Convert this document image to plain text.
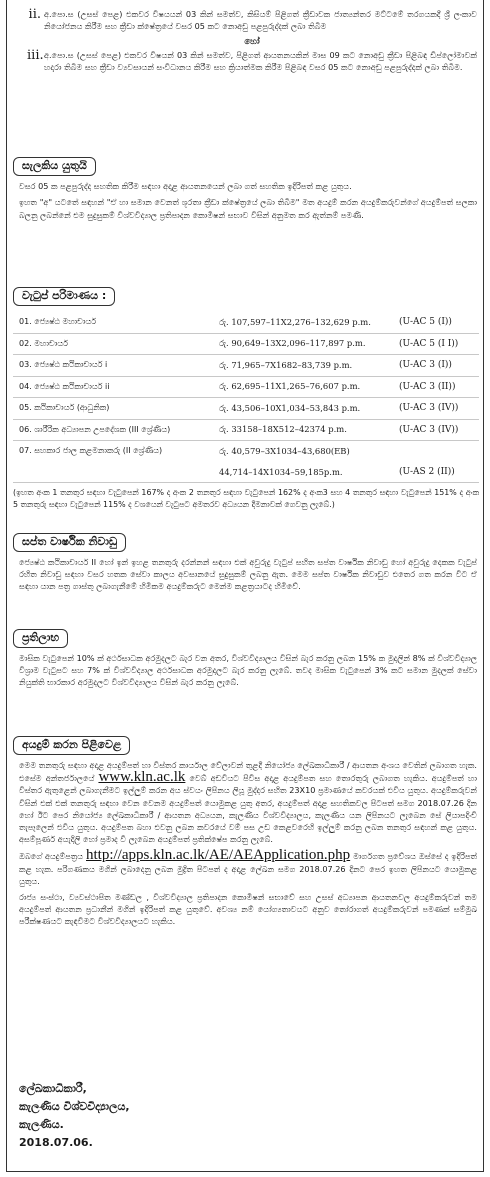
ii. අ.පො.ස (උසස් පෙළ) එකවර විෂයයන් 03 කින් සමත්ව, කිසියම් පිළිගත් ක්‍රීඩාවක ජාත්‍යන්තර මට්ටමේ තරගයකදී ශ්‍රී ලංකාව නියෝජනය කිරීම සහ ක්‍රීඩා ක්ෂේත්‍රයේ වසර 05 කට නොඅඩු පළපුරුද්දක් ලබා තිබීම

හෝ
iii. අ.පො.ස (උසස් පෙළ) එකවර විෂයන් 03 කින් සමත්ව, පිළිගත් ආයතනයකින් මාස 09 කට නොඅඩු ක්‍රීඩා පිළිබඳ ඩිප්ලෝමාවක් හදාරා තිබීම සහ ක්‍රීඩා ව්‍යවසායන් සංවිධානය කිරීම සහ ක්‍රියාත්මක කිරීම පිළිබඳ වසර 05 කට නොඅඩු පළපුරුද්දක් ලබා තිබීම.

සැලකිය යුතුයි

වසර 05 ක පළපුරුද්ද සහතික කිරීම සඳහා අදාළ ආයතනයෙන් ලබා ගත් සහතික ඉදිරිපත් කළ යුතුය.

ඉහත "අ" යටතේ සඳහන් "ඒ හා සමාන වෙනත් ශූරතා ක්‍රීඩා ක්ෂේත්‍රයේ ලබා තිබීම" මත අයදුම් කරන අයදුම්කරුවන්ගේ අයදුම්පත් සලකා බලනු ලබන්නේ එම සුදුසුකම් විශ්වවිද්‍යාල ප්‍රතිපාදන කොමිෂන් සභාව විසින් අනුමත කර ඇත්නම් පමණි.

වැටුප් පරිමාණය :
01. ජ්‍යෙෂ්ඨ මහාචාර්ය	රු. 107,597–11X2,276–132,629 p.m.	(U-AC 5 (I))
02. මහාචාර්ය	රු. 90,649–13X2,096–117,897 p.m.	(U-AC 5 (I I))
03. ජ්‍යෙෂ්ඨ කථිකාචාර්ය i	රු. 71,965–7X1682–83,739 p.m.	(U-AC 3 (I))
04. ජ්‍යෙෂ්ඨ කථිකාචාර්ය ii	රු. 62,695–11X1,265–76,607 p.m.	(U-AC 3 (II))
05. කථිකාචාර්ය (ආධුනික)	රු. 43,506–10X1,034–53,843 p.m.	(U-AC 3 (IV))
06. ශාරීරික අධ්‍යාපන උපදේශක (III ශ්‍රේණිය)	රු. 33158–18X512–42374 p.m.	(U-AC 3 (IV))
07. සහකාර ජාල කළමනාකරු (II ශ්‍රේණිය)	රු. 40,579–3X1034–43,680(EB)	
	44,714–14X1034–59,185p.m.	(U-AS 2 (II))

(ඉහත අංක 1 තනතුර සඳහා වැටුපෙන් 167% ද අංක 2 තනතුර සඳහා වැටුපෙන් 162% ද අංක3 සහ 4 තනතුර සඳහා වැටුපෙන් 151% ද අංක 5 තනතුරු සඳහා වැටුපෙන් 115% ද වශයෙන් වැටුපට අමතරව අධ්‍යයන දීමනාවක් ගෙවනු ලැබේ.)

සප්ත වාර්ෂික නිවාඩු

ජ්‍යෙෂ්ඨ කථිකාචාර්ය II හෝ ඉන් ඉහළ තනතුරු දරන්නන් සඳහා එක් අවුරුදු වැටුප් සහිත සප්ත වාර්ෂික නිවාඩු හෝ අවුරුදු දෙකක වැටුප් රහිත නිවාඩු සඳහා වසර හතක සේවා කාලය අවසානයේ සුදුසුකම් ලබනු ඇත. මෙම සප්ත වාර්ෂික නිවාඩුව එතෙර ගත කරන විට ඒ සඳහා යාන පත්‍ර ගාස්තු ලබාගැනීමේ හිමිකම අයදුම්කරුට මෙන්ම කළත්‍රයාටද හිමිවේ.

ප්‍රතිලාභ

මාසික වැටුපෙන් 10% ක් අර්ථසාධක අරමුදලට බැර වන අතර, විශ්වවිද්‍යාලය විසින් බැර කරනු ලබන 15% ක මුදලින් 8% ක් විශ්වවිද්‍යාල විශ්‍රාම වැටුපට සහ 7% ක් විශ්වවිද්‍යාල අර්ථසාධක අරමුදලට බැර කරනු ලැබේ. තවද මාසික වැටුපෙන් 3% කට සමාන මුදලක් සේවා නියුක්ති භාරකාර අරමුදලට විශ්වවිද්‍යාලය විසින් බැර කරනු ලැබේ.

අයදුම් කරන පිළිවෙළ

මෙම තනතුරු සඳහා අදාළ අයදුම්පත් හා විස්තර කාර්යාල වේලාවන් තුළදී නියෝජ්‍ය ලේඛකාධිකාරී / ආයතන අංශය වෙතින් ලබාගත හැක. එසේම අන්තර්ජාලයේ www.kln.ac.lk වෙබ් අඩවියට පිවිස අදාළ අයදුම්පත සහ තොරතුරු ලබාගත හැකිය. අයදුම්පත් හා විස්තර ඇතුළෙන් ලබාගැනීමට ඉල්ලුම් කරන අය ස්වයං ලිපිනය ලියූ මුද්දර සහිත 23X10 ප්‍රමාණයේ කවරයක් එවිය යුතුය. අයදුම්කරුවන් විසින් එක් එක් තනතුරු සඳහා වෙන වෙනම අයදුම්පත් යොමුකළ යුතු අතර, අයදුම්පත් අදාළ සහතිකවල පිටපත් සමග 2018.07.26 දින හෝ ඊට පෙර නියෝජ්‍ය ලේඛකාධිකාරී / ආයතන අධ්‍යයන, කැලණිය විශ්වවිද්‍යාලය, කැලණිය යන ලිපිනයට ලැබෙන සේ ලියාපදිංචි තැපෑලෙන් එවිය යුතුය. අයදුම්පත බහා එවනු ලබන කවරයේ වම් පස උඩ කෙළවරෙහි ඉල්ලුම් කරනු ලබන තනතුර සඳහන් කළ යුතුය. අසම්පූර්ණ අයැදිලි හෝ ප්‍රමාද වී ලැබෙන අයදුම්පත් ප්‍රතික්ෂේප කරනු ලැබේ.

ඔබගේ අයදුම්පත්‍රය http://apps.kln.ac.lk/AE/AEApplication.php මාර්ගගත ප්‍රවේශය ඔස්සේ ද ඉදිරිපත් කළ හැක. පරිගණකය මගින් ලබාදෙනු ලබන මුද්‍රිත පිටපත් ද අදාළ ලේඛන සමග 2018.07.26 දිනට පෙර ඉහත ලිපිනයට යොමුකළ යුතුය.

රාජ්‍ය සංස්ථා, ව්‍යවස්ථාපිත මණ්ඩල , විශ්වවිද්‍යාල ප්‍රතිපාදන කොමිෂන් සභාවේ සහ උසස් අධ්‍යාපන ආයතනවල අයදුම්කරුවන් තම අයදුම්පත් ආයතන ප්‍රධානීන් මගින් ඉදිරිපත් කළ යුතුවේ. අවශ්‍ය නම් යෝග්‍යතාවයට අනුව තෝරාගත් අයදුම්කරුවන් පමණක් සම්මුඛ පරීක්ෂණයට කැඳවීමට විශ්වවිද්‍යාලයට හැකිය.

ලේඛකාධිකාරී,
කැලණිය විශ්වවිද්‍යාලය,
කැලණිය.
2018.07.06.
